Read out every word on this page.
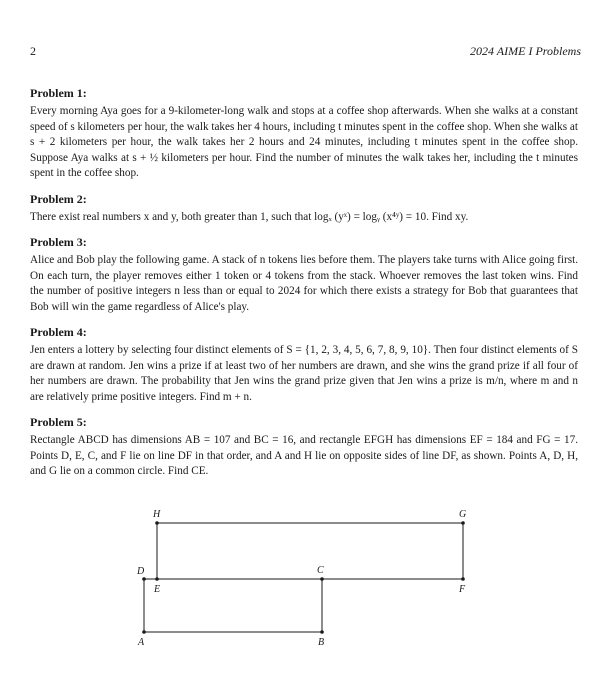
2	2024 AIME I Problems

Problem 1:

Every morning Aya goes for a 9-kilometer-long walk and stops at a coffee shop afterwards. When she walks at a constant speed of s kilometers per hour, the walk takes her 4 hours, including t minutes spent in the coffee shop. When she walks at s + 2 kilometers per hour, the walk takes her 2 hours and 24 minutes, including t minutes spent in the coffee shop. Suppose Aya walks at s + ½ kilometers per hour. Find the number of minutes the walk takes her, including the t minutes spent in the coffee shop.

Problem 2:

There exist real numbers x and y, both greater than 1, such that logₓ (yˣ) = logᵧ (x⁴ʸ) = 10. Find xy.

Problem 3:

Alice and Bob play the following game. A stack of n tokens lies before them. The players take turns with Alice going first. On each turn, the player removes either 1 token or 4 tokens from the stack. Whoever removes the last token wins. Find the number of positive integers n less than or equal to 2024 for which there exists a strategy for Bob that guarantees that Bob will win the game regardless of Alice's play.

Problem 4:

Jen enters a lottery by selecting four distinct elements of S = {1, 2, 3, 4, 5, 6, 7, 8, 9, 10}. Then four distinct elements of S are drawn at random. Jen wins a prize if at least two of her numbers are drawn, and she wins the grand prize if all four of her numbers are drawn. The probability that Jen wins the grand prize given that Jen wins a prize is m/n, where m and n are relatively prime positive integers. Find m + n.

Problem 5:

Rectangle ABCD has dimensions AB = 107 and BC = 16, and rectangle EFGH has dimensions EF = 184 and FG = 17. Points D, E, C, and F lie on line DF in that order, and A and H lie on opposite sides of line DF, as shown. Points A, D, H, and G lie on a common circle. Find CE.

H	G
D	C
E	F
A	B
